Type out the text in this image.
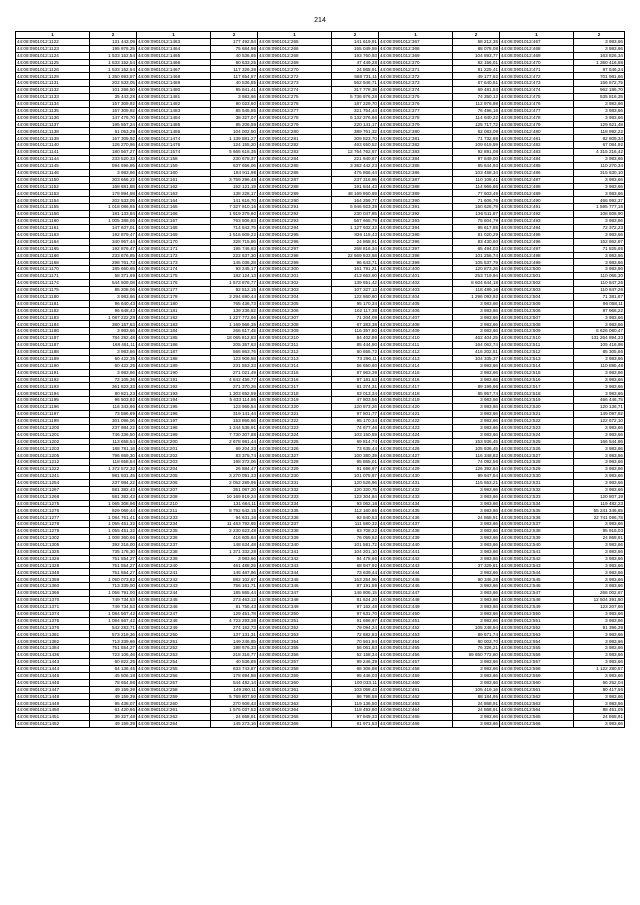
214
1	2	1	2	1	2	1	2	1	2
44:08:0901012:1122	131 443,09	44:08:0901012:1463	177 492,84	44:08:0901012:265	141 619,91	44:08:0901012:367	58 212,35	44:08:0901012:467	3 983,66
44:08:0901012:1123	195 976,25	44:08:0901012:1464	75 684,98	44:08:0901012:266	155 049,59	44:08:0901012:368	88 078,08	44:08:0901012:468	3 983,66
44:08:0901012:1124	1 533 152,54	44:08:0901012:1465	40 536,85	44:08:0901012:268	193 760,93	44:08:0901012:369	104 893,77	44:08:0901012:469	163 826,34
44:08:0901012:1125	1 533 152,54	44:08:0901012:1466	80 633,25	44:08:0901012:269	47 449,28	44:08:0901012:370	82 156,01	44:08:0901012:470	1 360 416,88
44:08:0901012:1126	1 533 152,54	44:08:0901012:1467	117 326,38	44:08:0901012:270	24 868,91	44:08:0901012:371	91 225,41	44:08:0901012:471	97 546,24
44:08:0901012:1129	1 350 693,87	44:08:0901012:1468	117 654,57	44:08:0901012:272	568 731,11	44:08:0901012:372	49 177,62	44:08:0901012:472	701 981,66
44:08:0901012:1131	202 533,05	44:08:0901012:1469	40 536,85	44:08:0901012:273	562 946,71	44:08:0901012:373	67 640,61	44:08:0901012:473	156 672,75
44:08:0901012:1132	101 266,50	44:08:0901012:1480	95 841,41	44:08:0901012:274	317 778,38	44:08:0901012:374	69 481,53	44:08:0901012:474	962 186,70
44:08:0901012:1133	35 443,28	44:08:0901012:1481	3 983,66	44:08:0901012:275	5 736 876,28	44:08:0901012:375	74 350,12	44:08:0901012:475	535 816,35
44:08:0901012:1134	157 309,92	44:08:0901012:1482	90 023,60	44:08:0901012:276	187 229,70	44:08:0901012:376	112 976,98	44:08:0901012:476	3 983,66
44:08:0901012:1135	157 309,92	44:08:0901012:1483	85 545,85	44:08:0901012:277	321 754,44	44:08:0901012:377	76 496,16	44:08:0901012:477	3 983,66
44:08:0901012:1136	147 476,70	44:08:0901012:1484	38 327,07	44:08:0901012:278	6 132 376,66	44:08:0901012:378	114 940,22	44:08:0901012:478	3 983,66
44:08:0901012:1137	195 557,24	44:08:0901012:1485	85 206,59	44:08:0901012:279	220 141,17	44:08:0901012:379	125 717,72	44:08:0901012:479	129 621,48
44:08:0901012:1138	61 053,29	44:08:0901012:1486	104 002,50	44:08:0901012:280	389 761,32	44:08:0901012:380	62 083,09	44:08:0901012:480	118 992,22
44:08:0901012:1139	157 309,92	44:08:0901012:1474	1 139 881,27	44:08:0901012:281	309 823,70	44:08:0901012:381	71 732,88	44:08:0901012:481	82 809,34
44:08:0901012:1140	126 270,96	44:08:0901012:1476	124 155,20	44:08:0901012:282	463 650,52	44:08:0901012:382	109 619,59	44:08:0901012:482	67 084,92
44:08:0901012:1141	180 567,27	44:08:0901012:1574	5 665 616,35	44:08:0901012:283	12 764 762,67	44:08:0901012:383	92 891,08	44:08:0901012:483	4 315 216,42
44:08:0901012:1144	233 520,33	44:08:0901012:158	230 678,37	44:08:0901012:284	221 940,67	44:08:0901012:384	97 849,00	44:08:0901012:484	3 983,66
44:08:0901012:1145	594 696,95	44:08:0901012:159	637 656,06	44:08:0901012:285	3 382 442,23	44:08:0901012:385	85 644,93	44:08:0901012:485	110 270,34
44:08:0901012:1146	3 983,66	44:08:0901012:160	184 911,98	44:08:0901012:286	475 866,44	44:08:0901012:386	103 458,34	44:08:0901012:486	315 630,10
44:08:0901012:1150	303 666,22	44:08:0901012:161	3 759 296,48	44:08:0901012:287	237 316,95	44:08:0901012:387	110 108,41	44:08:0901012:487	3 983,66
44:08:0901012:1152	168 681,88	44:08:0901012:162	152 121,19	44:08:0901012:288	191 844,43	44:08:0901012:388	114 966,86	44:08:0901012:488	3 983,66
44:08:0901012:1153	178 894,58	44:08:0901012:163	138 228,17	44:08:0901012:289	48 169 950,69	44:08:0901012:389	77 603,49	44:08:0901012:489	3 983,66
44:08:0901012:1154	202 533,05	44:08:0901012:164	141 616,70	44:08:0901012:290	164 259,77	44:08:0901012:390	71 606,76	44:08:0901012:490	466 992,37
44:08:0901012:1155	1 018 086,65	44:08:0901012:165	7 327 810,15	44:08:0901012:291	5 946 923,39	44:08:0901012:391	150 626,79	44:08:0901012:491	1 595 777,16
44:08:0901012:1156	181 133,84	44:08:0901012:166	1 919 376,60	44:08:0901012:292	230 047,85	44:08:0901012:392	136 511,87	44:08:0901012:492	108 508,90
44:08:0901012:1160	1 005 388,06	44:08:0901012:167	763 506,83	44:08:0901012:293	567 665,79	44:08:0901012:393	75 604,79	44:08:0901012:493	3 983,66
44:08:0901012:1161	147 637,01	44:08:0901012:168	714 542,75	44:08:0901012:294	1 127 932,32	44:08:0901012:394	95 617,88	44:08:0901012:494	72 372,23
44:08:0901012:1163	192 879,47	44:08:0901012:169	1 516 609,22	44:08:0901012:295	826 115,43	44:08:0901012:395	81 020,29	44:08:0901012:495	3 983,66
44:08:0901012:1164	340 957,44	44:08:0901012:170	328 715,86	44:08:0901012:296	24 868,91	44:08:0901012:396	83 430,60	44:08:0901012:496	152 862,87
44:08:0901012:1165	192 876,47	44:08:0901012:171	195 746,63	44:08:0901012:297	268 816,34	44:08:0901012:397	65 494,03	44:08:0901012:497	71 825,65
44:08:0901012:1166	233 676,85	44:08:0901012:172	222 637,30	44:08:0901012:298	22 669 933,68	44:08:0901012:398	101 256,74	44:08:0901012:498	3 983,66
44:08:0901012:1168	298 761,73	44:08:0901012:173	145 036,28	44:08:0901012:299	96 643,71	44:08:0901012:399	105 537,79	44:08:0901012:499	3 983,66
44:08:0901012:1170	185 660,65	44:08:0901012:174	93 245,17	44:08:0901012:300	161 791,21	44:08:0901012:400	120 873,26	44:08:0901012:500	3 983,66
44:08:0901012:1171	58 371,69	44:08:0901012:175	182 124,13	44:08:0901012:301	413 663,60	44:08:0901012:401	253 719,94	44:08:0901012:501	110 066,30
44:08:0901012:1174	544 509,08	44:08:0901012:176	1 573 876,77	44:08:0901012:302	139 651,42	44:08:0901012:402	8 604 644,18	44:08:0901012:502	110 847,26
44:08:0901012:1175	85 208,06	44:08:0901012:177	92 512,15	44:08:0901012:303	107 327,13	44:08:0901012:403	118 489,16	44:08:0901012:503	110 847,26
44:08:0901012:1180	3 983,66	44:08:0901012:178	3 294 690,44	44:08:0901012:304	122 860,60	44:08:0901012:404	1 296 093,92	44:08:0901012:504	71 381,87
44:08:0901012:1181	96 640,43	44:08:0901012:180	765 436,73	44:08:0901012:305	95 170,34	44:08:0901012:405	3 983,66	44:08:0901012:505	96 058,11
44:08:0901012:1182	96 648,43	44:08:0901012:181	139 236,82	44:08:0901012:306	102 117,38	44:08:0901012:406	3 983,66	44:08:0901012:506	97 966,22
44:08:0901012:1183	1 087 222,28	44:08:0901012:182	1 227 772,66	44:08:0901012:307	71 204,09	44:08:0901012:407	3 983,66	44:08:0901012:507	3 983,66
44:08:0901012:1184	380 157,63	44:08:0901012:183	1 169 966,35	44:08:0901012:308	67 383,38	44:08:0901012:408	3 983,66	44:08:0901012:508	3 983,66
44:08:0901012:1186	3 983,66	44:08:0901012:184	266 617,45	44:08:0901012:309	116 357,80	44:08:0901012:409	3 983,66	44:08:0901012:509	6 626 080,47
44:08:0901012:1187	784 292,48	44:08:0901012:185	18 065 812,83	44:08:0901012:310	84 402,89	44:08:0901012:410	462 404,25	44:08:0901012:510	131 264 894,33
44:08:0901012:1187	168 461,11	44:08:0901012:186	205 357,63	44:08:0901012:311	85 444,90	44:08:0901012:411	164 062,74	44:08:0901012:511	105 416,98
44:08:0901012:1188	3 983,66	44:08:0901012:187	566 863,76	44:08:0901012:312	60 655,72	44:08:0901012:412	416 202,51	44:08:0901012:512	85 305,66
44:08:0901012:1189	60 422,35	44:08:0901012:188	123 906,58	44:08:0901012:313	73 296,11	44:08:0901012:413	104 335,37	44:08:0901012:513	3 983,66
44:08:0901012:1190	60 422,35	44:08:0901012:189	231 553,33	44:08:0901012:314	56 650,60	44:08:0901012:414	3 983,66	44:08:0901012:514	110 895,48
44:08:0901012:1191	3 983,66	44:08:0901012:190	271 021,49	44:08:0901012:315	87 963,39	44:08:0901012:415	3 983,66	44:08:0901012:515	3 983,66
44:08:0901012:1192	72 105,36	44:08:0901012:191	4 842 456,77	44:08:0901012:316	87 181,53	44:08:0901012:416	3 983,66	44:08:0901012:516	3 983,66
44:08:0901012:1193	361 823,33	44:08:0901012:192	271 370,26	44:08:0901012:317	61 374,31	44:08:0901012:417	89 196,96	44:08:0901012:517	3 983,66
44:08:0901012:1194	80 821,23	44:08:0901012:193	1 303 652,59	44:08:0901012:318	83 013,34	44:08:0901012:418	85 957,74	44:08:0901012:518	3 983,66
44:08:0901012:1195	96 503,82	44:08:0901012:194	5 633 114,86	44:08:0901012:319	47 803,56	44:08:0901012:419	3 983,66	44:08:0901012:519	466 446,75
44:08:0901012:1196	116 343,86	44:08:0901012:195	123 966,54	44:08:0901012:320	120 873,26	44:08:0901012:420	3 983,66	44:08:0901012:520	120 136,71
44:08:0901012:1197	73 586,89	44:08:0901012:196	319 141,44	44:08:0901012:321	97 801,77	44:08:0901012:421	3 983,66	44:08:0901012:521	149 097,92
44:08:0901012:1199	301 096,06	44:08:0901012:197	153 866,66	44:08:0901012:322	95 170,34	44:08:0901012:422	3 983,66	44:08:0901012:522	122 672,10
44:08:0901012:1200	237 984,22	44:08:0901012:198	1 244 538,91	44:08:0901012:323	74 677,46	44:08:0901012:423	3 983,66	44:08:0901012:523	3 983,66
44:08:0901012:1201	746 336,50	44:08:0901012:199	7 730 307,88	44:08:0901012:324	103 150,59	44:08:0901012:424	3 983,66	44:08:0901012:524	3 983,66
44:08:0901012:1202	113 658,54	44:08:0901012:200	2 678 981,44	44:08:0901012:325	69 814,74	44:08:0901012:425	153 936,45	44:08:0901012:525	166 544,86
44:08:0901012:1203	188 781,16	44:08:0901012:201	69 204,33	44:08:0901012:326	73 635,44	44:08:0901012:426	105 936,45	44:08:0901012:526	3 983,66
44:08:0901012:1205	796 869,30	44:08:0901012:202	83 375,74	44:08:0901012:327	100 380,39	44:08:0901012:427	116 348,82	44:08:0901012:527	3 983,66
44:08:0901012:1212	118 658,54	44:08:0901012:203	198 272,06	44:08:0901012:328	95 865,01	44:08:0901012:428	74 092,56	44:08:0901012:528	3 983,66
44:08:0901012:1222	1 372 572,32	44:08:0901012:204	26 884,47	44:08:0901012:329	91 696,97	44:08:0901012:429	126 392,84	44:08:0901012:529	3 983,66
44:08:0901012:1241	981 931,45	44:08:0901012:205	3 270 091,33	44:08:0901012:330	101 075,87	44:08:0901012:430	99 947,54	44:08:0901012:530	3 983,66
44:08:0901012:1254	237 984,22	44:08:0901012:206	2 052 289,95	44:08:0901012:331	120 526,96	44:08:0901012:431	115 653,21	44:08:0901012:531	3 983,66
44:08:0901012:1267	581 382,43	44:08:0901012:207	351 087,20	44:08:0901012:332	120 320,75	44:08:0901012:432	3 983,66	44:08:0901012:532	3 983,66
44:08:0901012:1268	581 382,43	44:08:0901012:208	10 169 919,24	44:08:0901012:333	123 304,84	44:08:0901012:433	3 983,66	44:08:0901012:533	120 807,19
44:08:0901012:1275	1 065 308,96	44:08:0901012:210	131 664,11	44:08:0901012:334	93 062,18	44:08:0901012:434	3 983,66	44:08:0901012:534	119 482,23
44:08:0901012:1276	929 069,44	44:08:0901012:211	8 792 642,15	44:08:0901012:335	112 160,85	44:08:0901012:435	3 983,66	44:08:0901012:535	55 241 346,65
44:08:0901012:1277	1 084 761,41	44:08:0901012:233	94 631,16	44:08:0901012:336	92 840,53	44:08:0901012:436	24 868,91	44:08:0901012:536	22 741 096,78
44:08:0901012:1278	1 055 451,32	44:08:0901012:234	11 463 792,65	44:08:0901012:337	111 580,32	44:08:0901012:437	3 983,66	44:08:0901012:537	3 983,66
44:08:0901012:1279	1 055 451,32	44:08:0901012:235	2 230 623,48	44:08:0901012:338	83 708,22	44:08:0901012:438	3 983,66	44:08:0901012:538	95 916,03
44:08:0901012:1302	1 008 360,66	44:08:0901012:236	416 605,84	44:08:0901012:339	76 059,52	44:08:0901012:439	3 983,66	44:08:0901012:539	24 868,91
44:08:0901012:1305	392 316,00	44:08:0901012:237	148 634,48	44:08:0901012:340	101 581,72	44:08:0901012:440	3 983,66	44:08:0901012:540	3 983,66
44:08:0901012:1325	735 176,30	44:08:0901012:238	1 371 332,28	44:08:0901012:341	104 201,10	44:08:0901012:441	3 983,66	44:08:0901012:541	3 983,66
44:08:0901012:1326	751 554,27	44:08:0901012:239	3 983,66	44:08:0901012:342	94 478,66	44:08:0901012:442	3 983,66	44:08:0901012:542	3 983,66
44:08:0901012:1328	751 554,27	44:08:0901012:240	461 488,25	44:08:0901012:343	68 947,92	44:08:0901012:443	37 329,81	44:08:0901012:543	3 983,66
44:08:0901012:1346	751 554,27	44:08:0901012:241	145 467,96	44:08:0901012:344	73 639,44	44:08:0901012:444	3 983,66	44:08:0901012:544	3 983,66
44:08:0901012:1359	1 050 073,82	44:08:0901012:242	882 102,67	44:08:0901012:345	163 254,96	44:08:0901012:445	90 346,28	44:08:0901012:545	3 983,66
44:08:0901012:1360	713 339,00	44:08:0901012:243	756 161,71	44:08:0901012:346	87 191,59	44:08:0901012:446	3 983,66	44:08:0901012:546	3 983,66
44:08:0901012:1366	1 056 791,00	44:08:0901012:244	185 865,44	44:08:0901012:347	146 806,15	44:08:0901012:447	3 983,66	44:08:0901012:547	266 002,67
44:08:0901012:1370	749 734,53	44:08:0901012:245	273 463,12	44:08:0901012:348	81 624,20	44:08:0901012:448	3 983,66	44:08:0901012:548	12 504 391,80
44:08:0901012:1371	749 734,53	44:08:0901012:246	81 756,43	44:08:0901012:349	97 162,48	44:08:0901012:449	3 983,66	44:08:0901012:549	123 207,66
44:08:0901012:1374	1 084 567,42	44:08:0901012:247	129 451,78	44:08:0901012:350	97 631,70	44:08:0901012:450	3 983,66	44:08:0901012:550	3 983,66
44:08:0901012:1375	1 084 567,42	44:08:0901012:248	4 723 293,38	44:08:0901012:351	91 696,97	44:08:0901012:451	3 983,66	44:08:0901012:551	3 983,66
44:08:0901012:1376	542 283,71	44:08:0901012:249	274 152,73	44:08:0901012:352	79 094,24	44:08:0901012:452	105 248,94	44:08:0901012:552	91 396,39
44:08:0901012:1381	573 219,36	44:08:0901012:250	137 131,31	44:08:0901012:353	72 682,83	44:08:0901012:453	89 671,74	44:08:0901012:553	3 983,66
44:08:0901012:1382	713 339,66	44:08:0901012:251	149 246,85	44:08:0901012:354	70 561,94	44:08:0901012:454	80 003,70	44:08:0901012:554	3 983,66
44:08:0901012:1384	751 554,27	44:08:0901012:252	198 676,33	44:08:0901012:355	56 061,83	44:08:0901012:455	76 326,21	44:08:0901012:555	3 983,66
44:08:0901012:1436	723 106,46	44:08:0901012:253	218 316,77	44:08:0901012:356	52 158,34	44:08:0901012:456	69 650 772,60	44:08:0901012:556	3 983,66
44:08:0901012:1443	60 822,35	44:08:0901012:254	40 536,85	44:08:0901012:357	99 246,39	44:08:0901012:457	3 983,66	44:08:0901012:557	3 983,66
44:08:0901012:1444	64 136,45	44:08:0901012:255	633 743,87	44:08:0901012:358	68 306,88	44:08:0901012:458	3 983,66	44:08:0901012:558	1 122 280,57
44:08:0901012:1445	45 506,18	44:08:0901012:256	178 694,58	44:08:0901012:359	95 446,03	44:08:0901012:459	3 983,66	44:08:0901012:559	3 983,66
44:08:0901012:1446	78 654,98	44:08:0901012:257	544 482,14	44:08:0901012:360	100 033,11	44:08:0901012:460	3 983,66	44:08:0901012:560	66 252,04
44:08:0901012:1447	49 159,39	44:08:0901012:258	149 260,11	44:08:0901012:361	103 058,43	44:08:0901012:461	105 419,16	44:08:0901012:561	80 417,56
44:08:0901012:1448	49 159,39	44:08:0901012:259	5 769 807,50	44:08:0901012:362	86 798,59	44:08:0901012:462	88 184,95	44:08:0901012:562	3 983,66
44:08:0901012:1449	95 438,07	44:08:0901012:260	270 606,43	44:08:0901012:363	119 136,50	44:08:0901012:463	24 868,91	44:08:0901012:563	3 983,66
44:08:0901012:1450	61 420,86	44:08:0901012:261	1 576 037,52	44:08:0901012:364	118 493,80	44:08:0901012:464	24 868,91	44:08:0901012:564	98 451,05
44:08:0901012:1451	39 327,48	44:08:0901012:262	24 868,91	44:08:0901012:365	97 949,33	44:08:0901012:465	3 983,66	44:08:0901012:565	24 868,91
44:08:0901012:1452	49 159,39	44:08:0901012:264	145 273,16	44:08:0901012:366	81 971,53	44:08:0901012:466	3 983,66	44:08:0901012:566	3 983,66
